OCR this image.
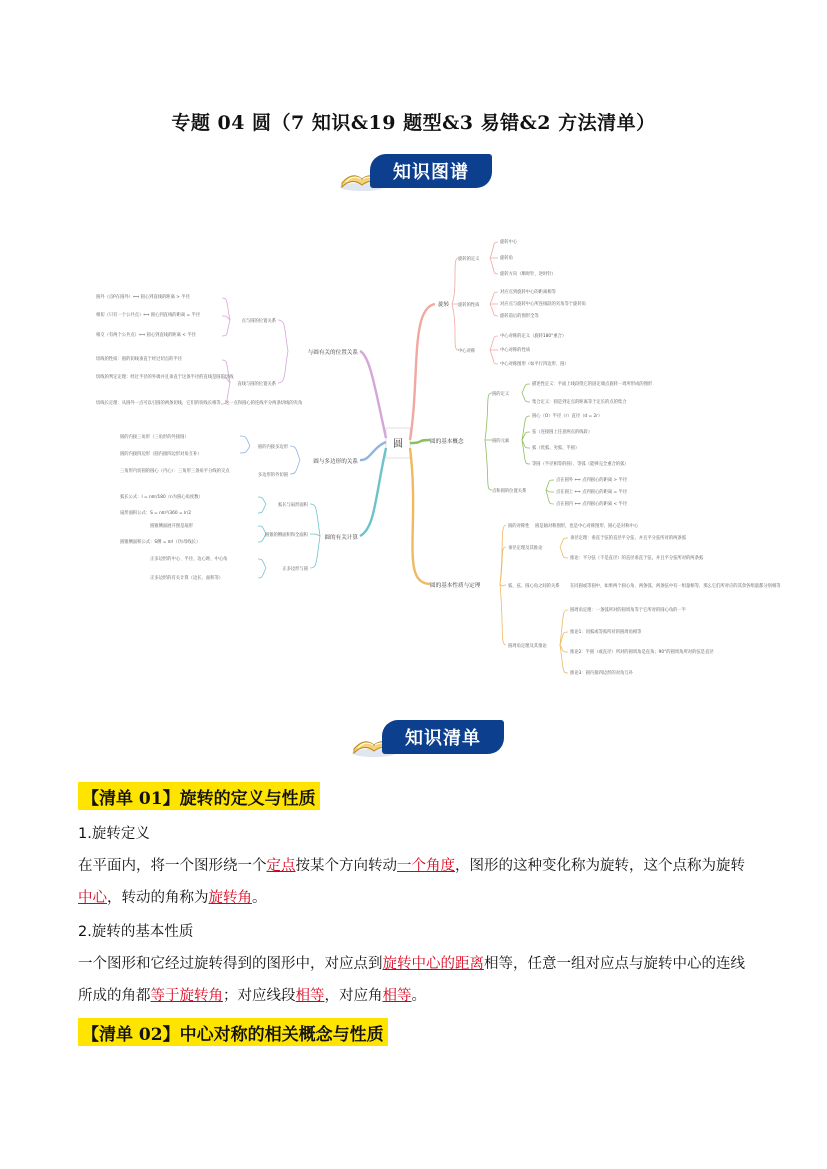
专题 04 圆（7 知识&19 题型&3 易错&2 方法清单）
知识图谱
圆
旋转
圆的基本概念
圆的基本性质与定理
与圆有关的位置关系
圆与多边形的关系
圆的有关计算
旋转的定义
旋转的性质
中心对称
旋转中心
旋转角
旋转方向（顺时针、逆时针）
对应点到旋转中心的距离相等
对应点与旋转中心所连线段的夹角等于旋转角
旋转前后的图形全等
中心对称的定义（旋转180°重合）
中心对称的性质
中心对称图形（如平行四边形、圆）
圆的定义
圆的元素
点和圆的位置关系
描述性定义：平面上线段绕它的固定端点旋转一周所形成的图形
集合定义：圆是到定点的距离等于定长的点的集合
圆心（O）半径（r）直径（d = 2r）
弦（连接圆上任意两点的线段）
弧（优弧、劣弧、半圆）
等圆（半径相等的圆）、等弧（能够完全重合的弧）
点在圆外 ⟺ 点到圆心的距离 > 半径
点在圆上 ⟺ 点到圆心的距离 = 半径
点在圆内 ⟺ 点到圆心的距离 < 半径
圆的对称性
垂径定理及其推论
弧、弦、圆心角之间的关系
圆周角定理及其推论
圆是轴对称图形，也是中心对称图形，圆心是对称中心
垂径定理：垂直于弦的直径平分弦，并且平分弦所对的两条弧
推论：平分弦（不是直径）的直径垂直于弦，并且平分弦所对的两条弧
在同圆或等圆中，如果两个圆心角、两条弧、两条弦中有一组量相等，那么它们所对应的其余各组量都分别相等
圆周角定理：一条弧所对的圆周角等于它所对的圆心角的一半
推论1：同弧或等弧所对的圆周角相等
推论2：半圆（或直径）所对的圆周角是直角；90°的圆周角所对的弦是直径
推论3：圆内接四边形的对角互补
点与圆的位置关系
直线与圆的位置关系
圆外（点P在圆外）⟺ 圆心到直线的距离 > 半径
相切（只有一个公共点）⟺ 圆心到直线的距离 = 半径
相交（有两个公共点）⟺ 圆心到直线的距离 < 半径
切线的性质：圆的切线垂直于经过切点的半径
切线的判定定理：经过半径的外端并且垂直于这条半径的直线是圆的切线
切线长定理：从圆外一点可以引圆的两条切线，它们的切线长相等，这一点和圆心的连线平分两条切线的夹角
圆的内接多边形
多边形的外切圆
圆的内接三角形（三角形的外接圆）
圆的内接四边形（圆内接四边形对角互补）
三角形内切圆的圆心（内心）：三角形三条角平分线的交点
弧长与扇形面积
圆锥的侧面积和全面积
正多边形与圆
弧长公式：l = nπr/180（n为圆心角度数）
扇形面积公式：S = nπr²/360 = lr/2
圆锥侧面展开图是扇形
圆锥侧面积公式：S侧 = πrl（l为母线长）
正多边形的中心、半径、边心距、中心角
正多边形的有关计算（边长、面积等）
知识清单
【清单 01】旋转的定义与性质
1.旋转定义
在平面内，将一个图形绕一个定点按某个方向转动一个角度，图形的这种变化称为旋转，这个点称为旋转
中心，转动的角称为旋转角。
2.旋转的基本性质
一个图形和它经过旋转得到的图形中，对应点到旋转中心的距离相等，任意一组对应点与旋转中心的连线
所成的角都等于旋转角；对应线段相等，对应角相等。
【清单 02】中心对称的相关概念与性质
